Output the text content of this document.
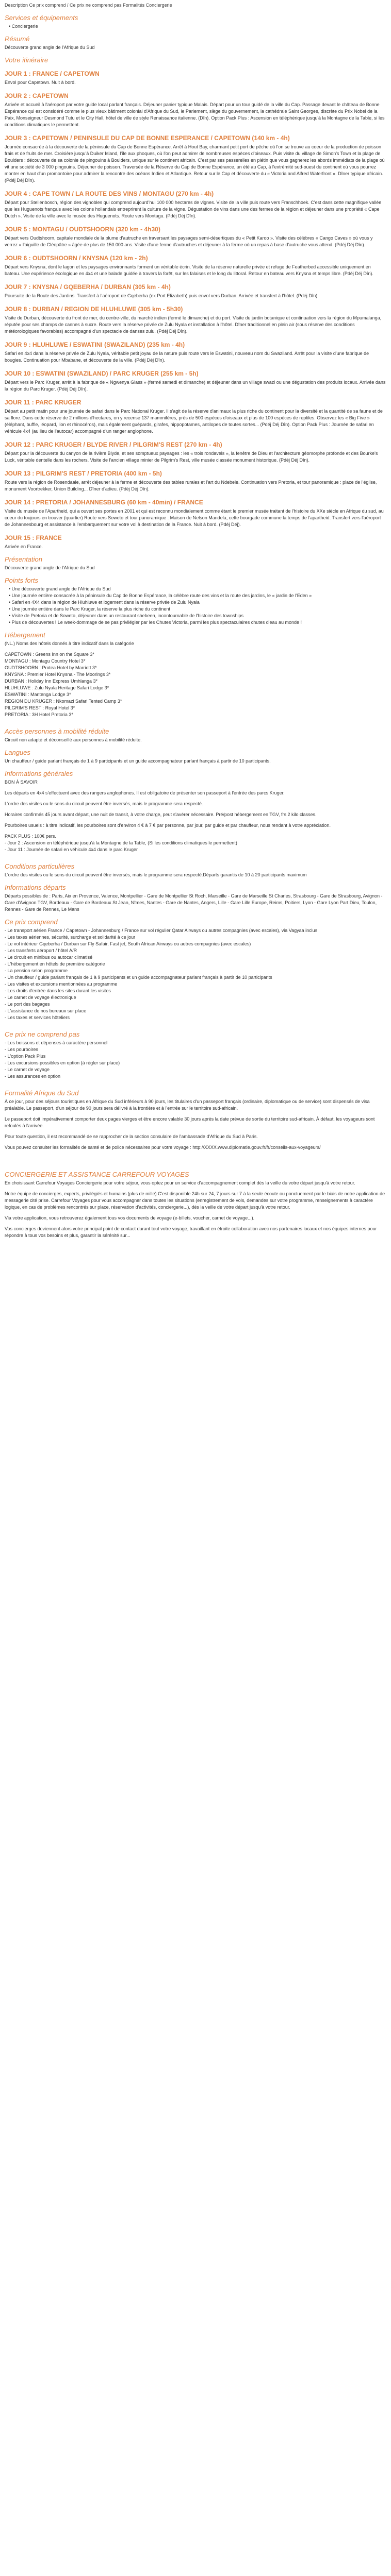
Description Ce prix comprend / Ce prix ne comprend pas Formalités Conciergerie

Services et équipements
• Conciergerie
Résumé

Découverte grand angle de l'Afrique du Sud

Votre itinéraire
JOUR 1 : FRANCE / CAPETOWN

Envol pour Capetown. Nuit à bord.

JOUR 2 : CAPETOWN

Arrivée et accueil à l'aéroport par votre guide local parlant français. Déjeuner panier typique Malais. Départ pour un tour guidé de la ville du Cap. Passage devant le château de Bonne Espérance qui est considéré comme le plus vieux bâtiment colonial d'Afrique du Sud, le Parlement, siège du gouvernement, la cathédrale Saint Georges, discrète du Prix Nobel de la Paix, Monseigneur Desmond Tutu et le City Hall, hôtel de ville de style Renaissance italienne. (Dîn). Option Pack Plus : Ascension en téléphérique jusqu'à la Montagne de la Table, si les conditions climatiques le permettent.

JOUR 3 : CAPETOWN / PENINSULE DU CAP DE BONNE ESPERANCE / CAPETOWN (140 km - 4h)

Journée consacrée à la découverte de la péninsule du Cap de Bonne Espérance. Arrêt à Hout Bay, charmant petit port de pêche où l'on se trouve au coeur de la production de poisson frais et de fruits de mer. Croisière jusqu'à Duiker Island, l'île aux phoques, où l'on peut admirer de nombreuses espèces d'oiseaux. Puis visite du village de Simon's Town et la plage de Boulders : découverte de sa colonie de pingouins à Boulders, unique sur le continent africain. C'est par ses passerelles en piétin que vous gagnerez les abords immédiats de la plage où vit une société de 3 000 pingouins. Déjeuner de poisson. Traversée de la Réserve du Cap de Bonne Espérance, un été au Cap, à l'extrémité sud-ouest du continent où vous pourrez monter en haut d'un promontoire pour admirer la rencontre des océans Indien et Atlantique. Retour sur le Cap et découverte du « Victoria and Alfred Waterfront ». Dîner typique africain. (Pdéj Déj Dîn).

JOUR 4 : CAPE TOWN / LA ROUTE DES VINS / MONTAGU (270 km - 4h)

Départ pour Stellenbosch, région des vignobles qui comprend aujourd'hui 100 000 hectares de vignes. Visite de la ville puis route vers Franschhoek. C'est dans cette magnifique vallée que les Huguenots français avec les colons hollandais entreprirent la culture de la vigne. Dégustation de vins dans une des fermes de la région et déjeuner dans une propriété « Cape Dutch ». Visite de la ville avec le musée des Huguenots. Route vers Montagu. (Pdéj Déj Dîn).

JOUR 5 : MONTAGU / OUDTSHOORN (320 km - 4h30)

Départ vers Oudtshoorn, capitale mondiale de la plume d'autruche en traversant les paysages semi-désertiques du « Petit Karoo ». Visite des célèbres « Cango Caves » où vous y verrez « l'aiguille de Cléopâtre » âgée de plus de 150.000 ans. Visite d'une ferme d'autruches et déjeuner à la ferme où un repas à base d'autruche vous attend. (Pdéj Déj Dîn).

JOUR 6 : OUDTSHOORN / KNYSNA (120 km - 2h)

Départ vers Knysna, dont le lagon et les paysages environnants forment un véritable écrin. Visite de la réserve naturelle privée et refuge de Featherbed accessible uniquement en bateau. Une expérience écologique en 4x4 et une balade guidée à travers la forêt, sur les falaises et le long du littoral. Retour en bateau vers Knysna et temps libre. (Pdéj Déj Dîn).

JOUR 7 : KNYSNA / GQEBERHA / DURBAN (305 km - 4h)

Poursuite de la Route des Jardins. Transfert à l'aéroport de Gqeberha (ex Port Elizabeth) puis envol vers Durban. Arrivée et transfert à l'hôtel. (Pdéj Dîn).

JOUR 8 : DURBAN / REGION DE HLUHLUWE (305 km - 5h30)

Visite de Durban, découverte du front de mer, du centre-ville, du marché indien (fermé le dimanche) et du port. Visite du jardin botanique et continuation vers la région du Mpumalanga, réputée pour ses champs de cannes à sucre. Route vers la réserve privée de Zulu Nyala et installation à l'hôtel. Dîner traditionnel en plein air (sous réserve des conditions météorologiques favorables) accompagné d'un spectacle de danses zulu. (Pdéj Déj Dîn).

JOUR 9 : HLUHLUWE / ESWATINI (SWAZILAND) (235 km - 4h)

Safari en 4x4 dans la réserve privée de Zulu Nyala, véritable petit joyau de la nature puis route vers le Eswatini, nouveau nom du Swaziland. Arrêt pour la visite d'une fabrique de bougies. Continuation pour Mbabane, et découverte de la ville. (Pdéj Déj Dîn).

JOUR 10 : ESWATINI (SWAZILAND) / PARC KRUGER (255 km - 5h)

Départ vers le Parc Kruger, arrêt à la fabrique de « Ngwenya Glass » (fermé samedi et dimanche) et déjeuner dans un village swazi ou une dégustation des produits locaux. Arrivée dans la région du Parc Kruger. (Pdéj Déj Dîn).

JOUR 11 : PARC KRUGER

Départ au petit matin pour une journée de safari dans le Parc National Kruger. Il s'agit de la réserve d'animaux la plus riche du continent pour la diversité et la quantité de sa faune et de sa flore. Dans cette réserve de 2 millions d'hectares, on y recense 137 mammifères, près de 500 espèces d'oiseaux et plus de 100 espèces de reptiles. Observez les « Big Five » (éléphant, buffle, léopard, lion et rhinocéros), mais également guépards, girafes, hippopotames, antilopes de toutes sortes... (Pdéj Déj Dîn). Option Pack Plus : Journée de safari en véhicule 4x4 (au lieu de l'autocar) accompagné d'un ranger anglophone.

JOUR 12 : PARC KRUGER / BLYDE RIVER / PILGRIM'S REST (270 km - 4h)

Départ pour la découverte du canyon de la rivière Blyde, et ses somptueux paysages : les « trois rondavels », la fenêtre de Dieu et l'architecture géomorphe profonde et des Bourke's Luck, véritable dentelle dans les rochers. Visite de l'ancien village minier de Pilgrim's Rest, ville musée classée monument historique. (Pdéj Déj Dîn).

JOUR 13 : PILGRIM'S REST / PRETORIA (400 km - 5h)

Route vers la région de Rosendaale, arrêt déjeuner à la ferme et découverte des tables rurales et l'art du Ndebele. Continuation vers Pretoria, et tour panoramique : place de l'église, monument Voortrekker, Union Building... Dîner d'adieu. (Pdéj Déj Dîn).

JOUR 14 : PRETORIA / JOHANNESBURG (60 km - 40min) / FRANCE

Visite du musée de l'Apartheid, qui a ouvert ses portes en 2001 et qui est reconnu mondialement comme étant le premier musée traitant de l'histoire du XXe siècle en Afrique du sud, au coeur du toujours en trouver (quartier) Route vers Soweto et tour panoramique : Maison de Nelson Mandela, cette bourgade commune la temps de l'apartheid. Transfert vers l'aéroport de Johannesbourg et assistance à l'embarquement sur votre vol à destination de la France. Nuit à bord. (Pdéj Déj).

JOUR 15 : FRANCE

Arrivée en France.

Présentation

Découverte grand angle de l'Afrique du Sud

Points forts
• Une découverte grand angle de l'Afrique du Sud
• Une journée entière consacrée à la péninsule du Cap de Bonne Espérance, la célèbre route des vins et la route des jardins, le « jardin de l'Eden »
• Safari en 4X4 dans la région de Hluhluwe et logement dans la réserve privée de Zulu Nyala
• Une journée entière dans le Parc Kruger, la réserve la plus riche du continent
• Visite de Pretoria et de Soweto, déjeuner dans un restaurant shebeen, incontournable de l'histoire des townships
• Plus de découvertes ! Le week-dommage de se pas privilégier par les Chutes Victoria, parmi les plus spectaculaires chutes d'eau au monde !
Hébergement

(NL.) Noms des hôtels donnés à titre indicatif dans la catégorie

CAPETOWN : Greens Inn on the Square 3*

MONTAGU : Montagu Country Hotel 3*

OUDTSHOORN : Protea Hotel by Marriott 3*

KNYSNA : Premier Hotel Knysna - The Moorings 3*

DURBAN : Holiday Inn Express Umhlanga 3*

HLUHLUWE : Zulu Nyala Heritage Safari Lodge 3*

ESWATINI : Mantenga Lodge 3*

REGION DU KRUGER : Nkomazi Safari Tented Camp 3*

PILGRIM'S REST : Royal Hotel 3*

PRETORIA : 3H Hotel Pretoria 3*

Accès personnes à mobilité réduite

Circuit non adapté et déconseillé aux personnes à mobilité réduite.

Langues

Un chauffeur / guide parlant français de 1 à 9 participants et un guide accompagnateur parlant français à partir de 10 participants.

Informations générales

BON À SAVOIR

Les départs en 4x4 s'effectuent avec des rangers anglophones. Il est obligatoire de présenter son passeport à l'entrée des parcs Kruger.

L'ordre des visites ou le sens du circuit peuvent être inversés, mais le programme sera respecté.

Horaires confirmés 45 jours avant départ, une nuit de transit, à votre charge, peut s'avérer nécessaire. Pré/post hébergement en TGV, frs 2 kilo classes.

Pourboires usuels : à titre indicatif, les pourboires sont d'environ 4 € à 7 € par personne, par jour, par guide et par chauffeur, nous rendant à votre appréciation.

PACK PLUS : 100€ pers.

- Jour 2 : Ascension en téléphérique jusqu'à la Montagne de la Table, (Si les conditions climatiques le permettent)

- Jour 11 : Journée de safari en véhicule 4x4 dans le parc Kruger

Conditions particulières

L'ordre des visites ou le sens du circuit peuvent être inversés, mais le programme sera respecté.Départs garantis de 10 à 20 participants maximum

Informations départs

Départs possibles de : Paris, Aix en Provence, Valence, Montpellier - Gare de Montpellier St Roch, Marseille - Gare de Marseille St Charles, Strasbourg - Gare de Strasbourg, Avignon - Gare d'Avignon TGV, Bordeaux - Gare de Bordeaux St Jean, Nîmes, Nantes - Gare de Nantes, Angers, Lille - Gare Lille Europe, Reims, Poitiers, Lyon - Gare Lyon Part Dieu, Toulon, Rennes - Gare de Rennes, Le Mans

Ce prix comprend

- Le transport aérien France / Capetown - Johannesburg / France sur vol régulier Qatar Airways ou autres compagnies (avec escales), via Vagyaa inclus

- Les taxes aériennes, sécurité, surcharge et solidarité à ce jour

- Le vol intérieur Gqeberha / Durban sur Fly Safair, Fast jet, South African Airways ou autres compagnies (avec escales)

- Les transferts aéroport / hôtel A/R

- Le circuit en minibus ou autocar climatisé

- L'hébergement en hôtels de première catégorie

- La pension selon programme

- Un chauffeur / guide parlant français de 1 à 9 participants et un guide accompagnateur parlant français à partir de 10 participants

- Les visites et excursions mentionnées au programme

- Les droits d'entrée dans les sites durant les visites

- Le carnet de voyage électronique

- Le port des bagages

- L'assistance de nos bureaux sur place

- Les taxes et services hôteliers

Ce prix ne comprend pas

- Les boissons et dépenses à caractère personnel

- Les pourboires

- L'option Pack Plus

- Les excursions possibles en option (à régler sur place)

- Le carnet de voyage

- Les assurances en option

Formalité Afrique du Sud

À ce jour, pour des séjours touristiques en Afrique du Sud inférieurs à 90 jours, les titulaires d'un passeport français (ordinaire, diplomatique ou de service) sont dispensés de visa préalable. Le passeport, d'un séjour de 90 jours sera délivré à la frontière et à l'entrée sur le territoire sud-africain.

Le passeport doit impérativement comporter deux pages vierges et être encore valable 30 jours après la date prévue de sortie du territoire sud-africain. À défaut, les voyageurs sont refoulés à l'arrivée.

Pour toute question, il est recommandé de se rapprocher de la section consulaire de l'ambassade d'Afrique du Sud à Paris.

Vous pouvez consulter les formalités de santé et de police nécessaires pour votre voyage : http://XXXX.www.diplomatie.gouv.fr/fr/conseils-aux-voyageurs/

CONCIERGERIE ET ASSISTANCE CARREFOUR VOYAGES

En choisissant Carrefour Voyages Conciergerie pour votre séjour, vous optez pour un service d'accompagnement complet dès la veille du votre départ jusqu'à votre retour.

Notre équipe de concierges, experts, privilégiés et humains (plus de mille) C'est disponible 24h sur 24, 7 jours sur 7 à la seule écoute ou ponctuement par le biais de notre application de messagerie cité prise. Carrefour Voyages pour vous accompagner dans toutes les situations (enregistrement de vols, demandes sur votre programme, renseignements à caractère logique, en cas de problèmes rencontrés sur place, réservation d'activités, conciergerie...), dès la veille de votre départ jusqu'à votre retour.

Via votre application, vous retrouverez également tous vos documents de voyage (e-billets, voucher, carnet de voyage...).

Vos concierges deviennent alors votre principal point de contact durant tout votre voyage, travaillant en étroite collaboration avec nos partenaires locaux et nos équipes internes pour répondre à tous vos besoins et plus, garantir la sérénité sur...
